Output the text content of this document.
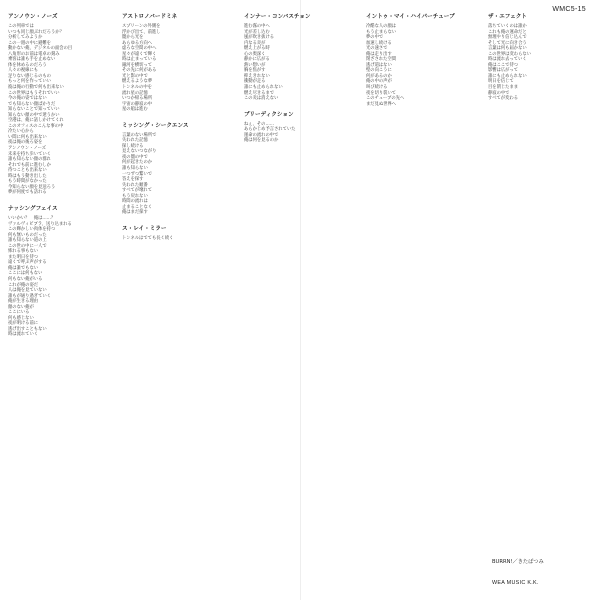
WMC5-15
アンノウン・ノーズ
この列車では
いつも同じ顔ぶれだろうか？
分析してみようか
この一週の中に避難を
動かない俺、デジタルの面会の目
八角形のお前は電卓の刻み
乗客は誰も手を止めない
体を休めるのだろう
人々の視線にも
足りない感じるのもの
もっと何を作っていい
彼は俺の行動で何も出来ない
この世界はもうそれでいい
今の俺の姿ではない
でも知らない顔ばかりだ
知らないことで知っていい
知らない顔の中で迷うかい
空港は、俺に話しかけてくれ
このオフィスのこんな事の中
冷たい心から
い間に何も出来ない
夜は俺の後ろ姿を
アンノウン・ノーズ
未来を持ち歩いていく
誰も知らない顔の群れ
それでも前に進むしか
待つことも出来ない
時はもう動き出した
もう時間がなかった
今知らない顔を見送ろう
夢が何度でも訪れる

ナッシングフェイス
いいかい？　俺は……？
ヴァルヴィビブラ、送り込まれる
この輝かしい肉体を持つ
何も無いものだった
誰も知らない道の上
この世の中に一人で
怖れる事もない
また明日を待つ
遠くで呼ぶ声がする
俺は誰でもない
ここには何もない
何もない俺がいる
これが俺の姿だ
人は俺を見ていない
誰もが通り過ぎていく
俺が生きる理由
顔のない俺が
ここにいる
何も感じない
夜が明ける前に
逃げ出すこともない
時は流れていく

アストロノバードミネ
スプリーンの外側を
浮かび出て、前進し
闇から光を
あらゆる方向へ
虚ろな空間の中へ
星々が遠くで輝く
時は止まっている
銀河を横切って
その先に何がある
光と影の中で
燃えるような夢
トンネルの中を
流れ星の記憶
いつか帰る場所
宇宙の静寂の中
星の船は進む

ミッシング・シークエンス
言葉のない場所で
失われた記憶
探し続ける
見えないつながり
夜の闇の中で
何が起きたのか
誰も知らない
一つずつ繋いで
答えを探す
失われた順番
すべてが壊れて
もう戻れない
時間の流れは
止まることなく
俺はまだ探す

ス・レイ・ミラー
トンネルはでても長く続く

インナー・コンバスチョン
進む霧の中へ
光が差し込む
風が吹き抜ける
内なる炎が
燃え上がる時
心の奥深く
静かに広がる
熱い想いが
胸を焦がす
抑えきれない
衝動が走る
誰にも止められない
燃え尽きるまで
この炎は消えない

ブリーディクション
ねぇ、その……
あらかじめ予言されていた
運命の流れの中で
俺は何を見るのか

イントゥ・マイ・ハイパーチューブ
冷酷な人の顔は
もう止まらない
夢の中で
加速し続ける
光の速さで
俺は走り出す
閉ざされた空間
逃げ道はない
壁の向こうに
何があるのか
俺の中の声が
叫び続ける
夜を切り裂いて
このチューブの先へ
まだ見ぬ世界へ

ザ・エフェクト
落ちていくのは誰か
これも俺の運命だと
無理やり信じ込んで
そして光に向き合う
言葉は何も届かない
この世界は変わらない
時は流れ去っていく
俺はここで待つ
影響は広がって
誰にも止められない
明日を信じて
目を閉じたまま
静寂の中で
すべてが変わる

BURRN!／きたぱつみ
WEA MUSIC K.K.
